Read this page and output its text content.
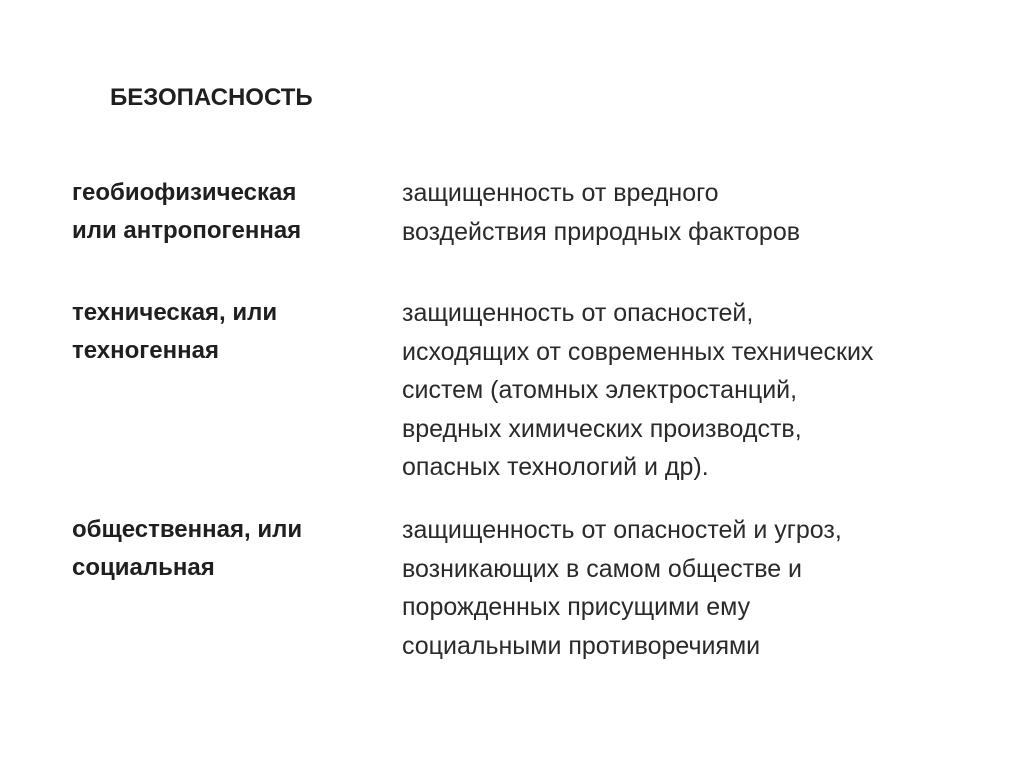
БЕЗОПАСНОСТЬ
геобиофизическая
или антропогенная
защищенность от вредного
воздействия природных факторов
техническая, или
техногенная
защищенность от опасностей,
исходящих от современных технических
систем (атомных электростанций,
вредных химических производств,
опасных технологий и др).
общественная, или
социальная
защищенность от опасностей и угроз,
возникающих в самом обществе и
порожденных присущими ему
социальными противоречиями
